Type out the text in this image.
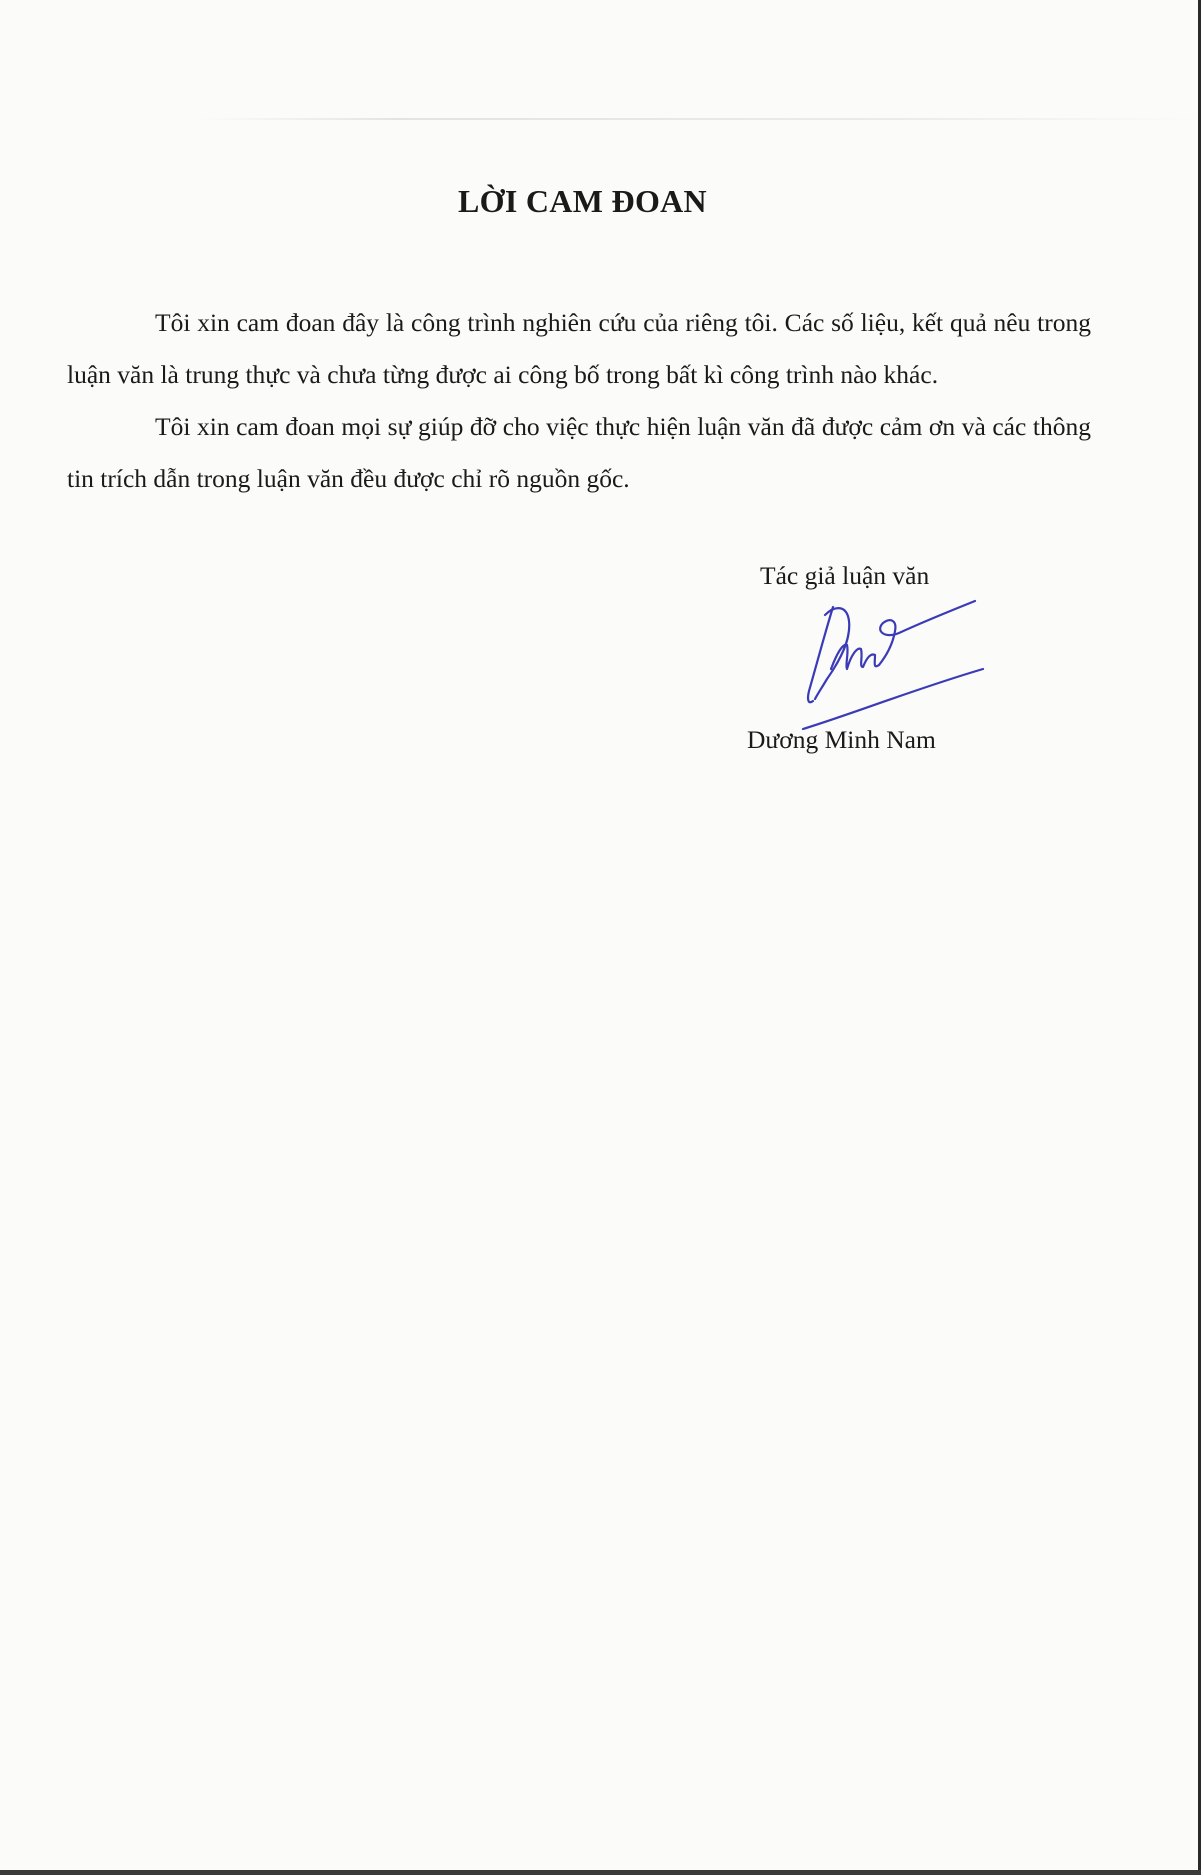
LỜI CAM ĐOAN

Tôi xin cam đoan đây là công trình nghiên cứu của riêng tôi. Các số liệu, kết quả nêu trong luận văn là trung thực và chưa từng được ai công bố trong bất kì công trình nào khác.

Tôi xin cam đoan mọi sự giúp đỡ cho việc thực hiện luận văn đã được cảm ơn và các thông tin trích dẫn trong luận văn đều được chỉ rõ nguồn gốc.

Tác giả luận văn
Dương Minh Nam
